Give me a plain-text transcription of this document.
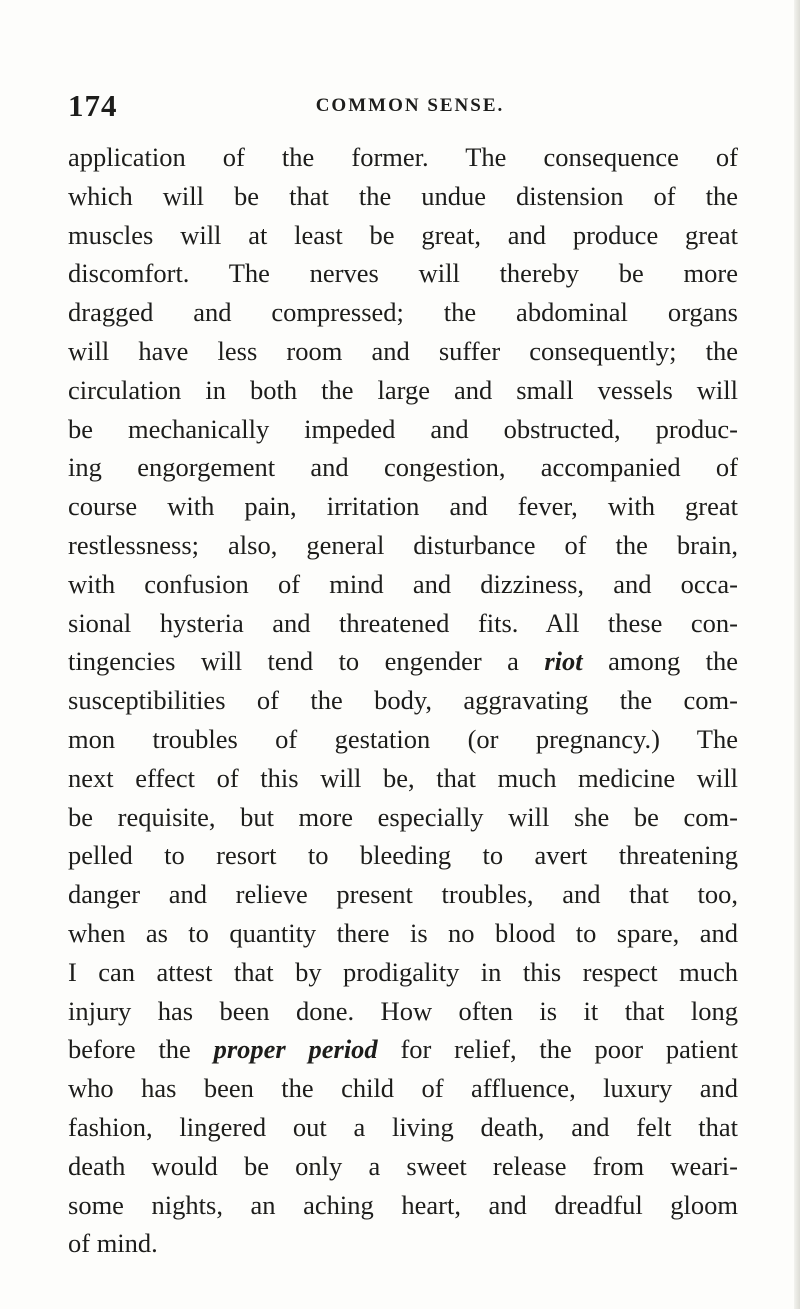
174	COMMON SENSE.
application of the former. The consequence of
which will be that the undue distension of the
muscles will at least be great, and produce great
discomfort. The nerves will thereby be more
dragged and compressed; the abdominal organs
will have less room and suffer consequently; the
circulation in both the large and small vessels will
be mechanically impeded and obstructed, produc-
ing engorgement and congestion, accompanied of
course with pain, irritation and fever, with great
restlessness; also, general disturbance of the brain,
with confusion of mind and dizziness, and occa-
sional hysteria and threatened fits. All these con-
tingencies will tend to engender a riot among the
susceptibilities of the body, aggravating the com-
mon troubles of gestation (or pregnancy.) The
next effect of this will be, that much medicine will
be requisite, but more especially will she be com-
pelled to resort to bleeding to avert threatening
danger and relieve present troubles, and that too,
when as to quantity there is no blood to spare, and
I can attest that by prodigality in this respect much
injury has been done. How often is it that long
before the proper period for relief, the poor patient
who has been the child of affluence, luxury and
fashion, lingered out a living death, and felt that
death would be only a sweet release from weari-
some nights, an aching heart, and dreadful gloom
of mind.
